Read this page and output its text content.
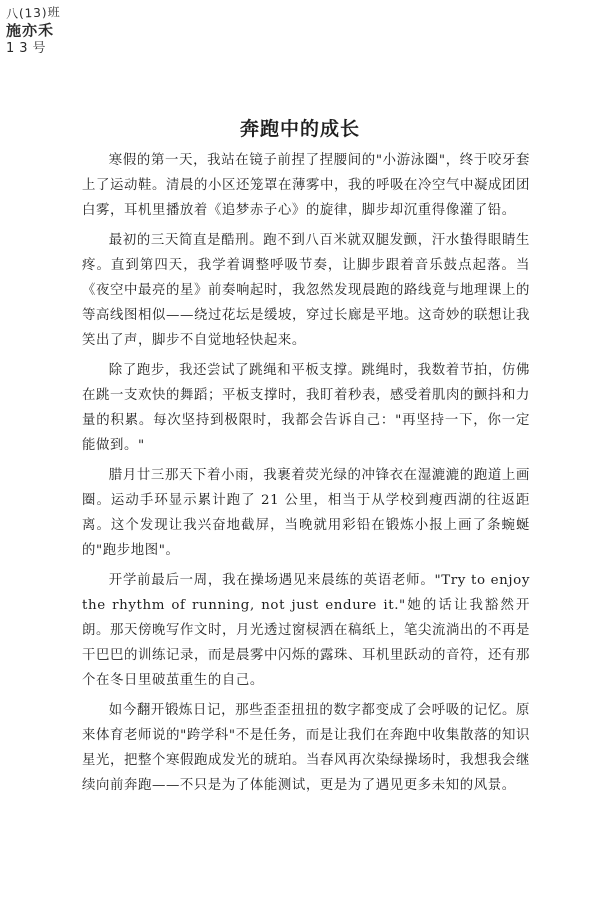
八(13)班
施亦禾
13号
奔跑中的成长

寒假的第一天，我站在镜子前捏了捏腰间的"小游泳圈"，终于咬牙套上了运动鞋。清晨的小区还笼罩在薄雾中，我的呼吸在冷空气中凝成团团白雾，耳机里播放着《追梦赤子心》的旋律，脚步却沉重得像灌了铅。

最初的三天简直是酷刑。跑不到八百米就双腿发颤，汗水蛰得眼睛生疼。直到第四天，我学着调整呼吸节奏，让脚步跟着音乐鼓点起落。当《夜空中最亮的星》前奏响起时，我忽然发现晨跑的路线竟与地理课上的等高线图相似——绕过花坛是缓坡，穿过长廊是平地。这奇妙的联想让我笑出了声，脚步不自觉地轻快起来。

除了跑步，我还尝试了跳绳和平板支撑。跳绳时，我数着节拍，仿佛在跳一支欢快的舞蹈；平板支撑时，我盯着秒表，感受着肌肉的颤抖和力量的积累。每次坚持到极限时，我都会告诉自己："再坚持一下，你一定能做到。"

腊月廿三那天下着小雨，我裹着荧光绿的冲锋衣在湿漉漉的跑道上画圈。运动手环显示累计跑了 21 公里，相当于从学校到瘦西湖的往返距离。这个发现让我兴奋地截屏，当晚就用彩铅在锻炼小报上画了条蜿蜒的"跑步地图"。

开学前最后一周，我在操场遇见来晨练的英语老师。"Try to enjoy the rhythm of running, not just endure it."她的话让我豁然开朗。那天傍晚写作文时，月光透过窗棂洒在稿纸上，笔尖流淌出的不再是干巴巴的训练记录，而是晨雾中闪烁的露珠、耳机里跃动的音符，还有那个在冬日里破茧重生的自己。

如今翻开锻炼日记，那些歪歪扭扭的数字都变成了会呼吸的记忆。原来体育老师说的"跨学科"不是任务，而是让我们在奔跑中收集散落的知识星光，把整个寒假跑成发光的琥珀。当春风再次染绿操场时，我想我会继续向前奔跑——不只是为了体能测试，更是为了遇见更多未知的风景。
